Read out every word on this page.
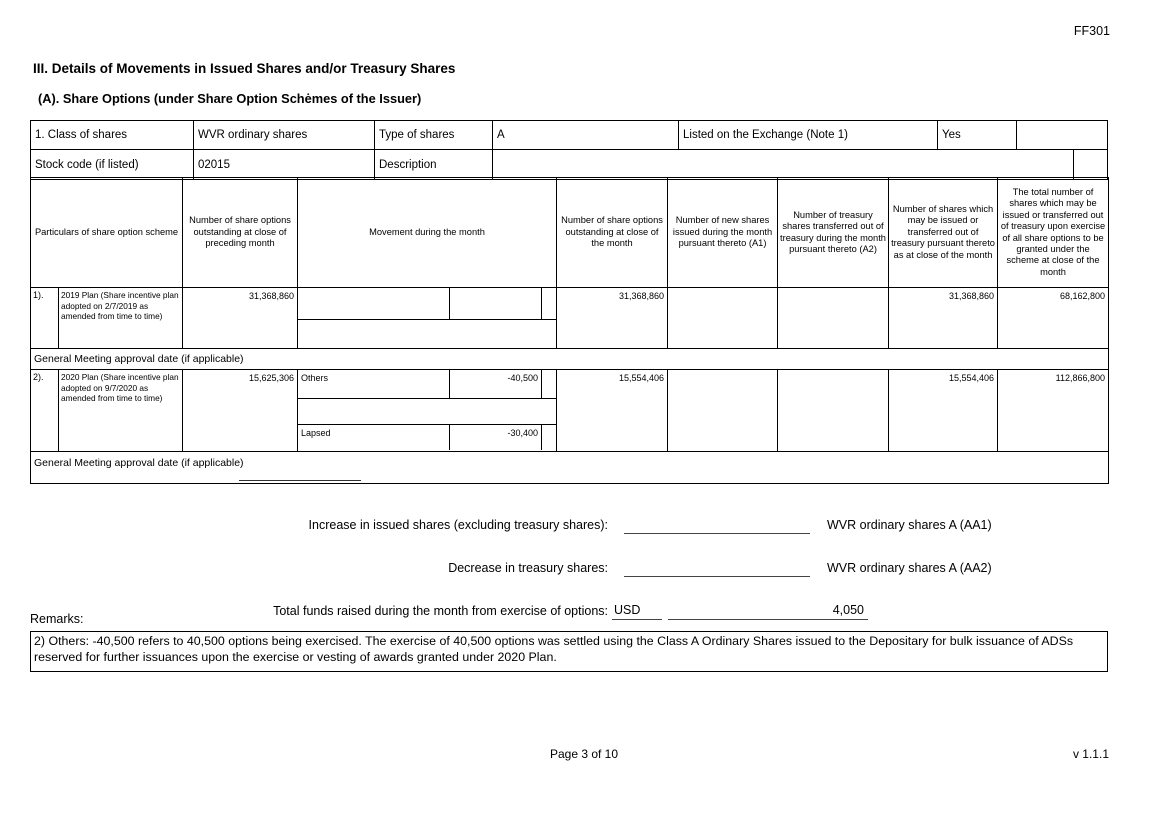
FF301
III. Details of Movements in Issued Shares and/or Treasury Shares
(A). Share Options (under Share Option Schėmes of the Issuer)
1. Class of shares	WVR ordinary shares	Type of shares	A	Listed on the Exchange (Note 1)	Yes
Stock code (if listed)	02015	Description
Particulars of share option scheme		Number of share options outstanding at close of preceding month	Movement during the month	Number of share options outstanding at close of the month	Number of new shares issued during the month pursuant thereto (A1)	Number of treasury shares transferred out of treasury during the month pursuant thereto (A2)	Number of shares which may be issued or transferred out of treasury pursuant thereto as at close of the month	The total number of shares which may be issued or transferred out of treasury upon exercise of all share options to be granted under the scheme at close of the month
1).	2019 Plan (Share incentive plan adopted on 2/7/2019 as amended from time to time)	31,368,860		31,368,860			31,368,860	68,162,800
General Meeting approval date (if applicable)								
2).	2020 Plan (Share incentive plan adopted on 9/7/2020 as amended from time to time)	15,625,306	Others -40,500
Lapsed -30,400	15,554,406			15,554,406	112,866,800

General Meeting approval date (if applicable)								
Increase in issued shares (excluding treasury shares):	WVR ordinary shares A (AA1)
Decrease in treasury shares:	WVR ordinary shares A (AA2)
Total funds raised during the month from exercise of options: USD	4,050
Remarks:
2) Others: -40,500 refers to 40,500 options being exercised. The exercise of 40,500 options was settled using the Class A Ordinary Shares issued to the Depositary for bulk issuance of ADSs reserved for further issuances upon the exercise or vesting of awards granted under 2020 Plan.
Page 3 of 10	v 1.1.1
